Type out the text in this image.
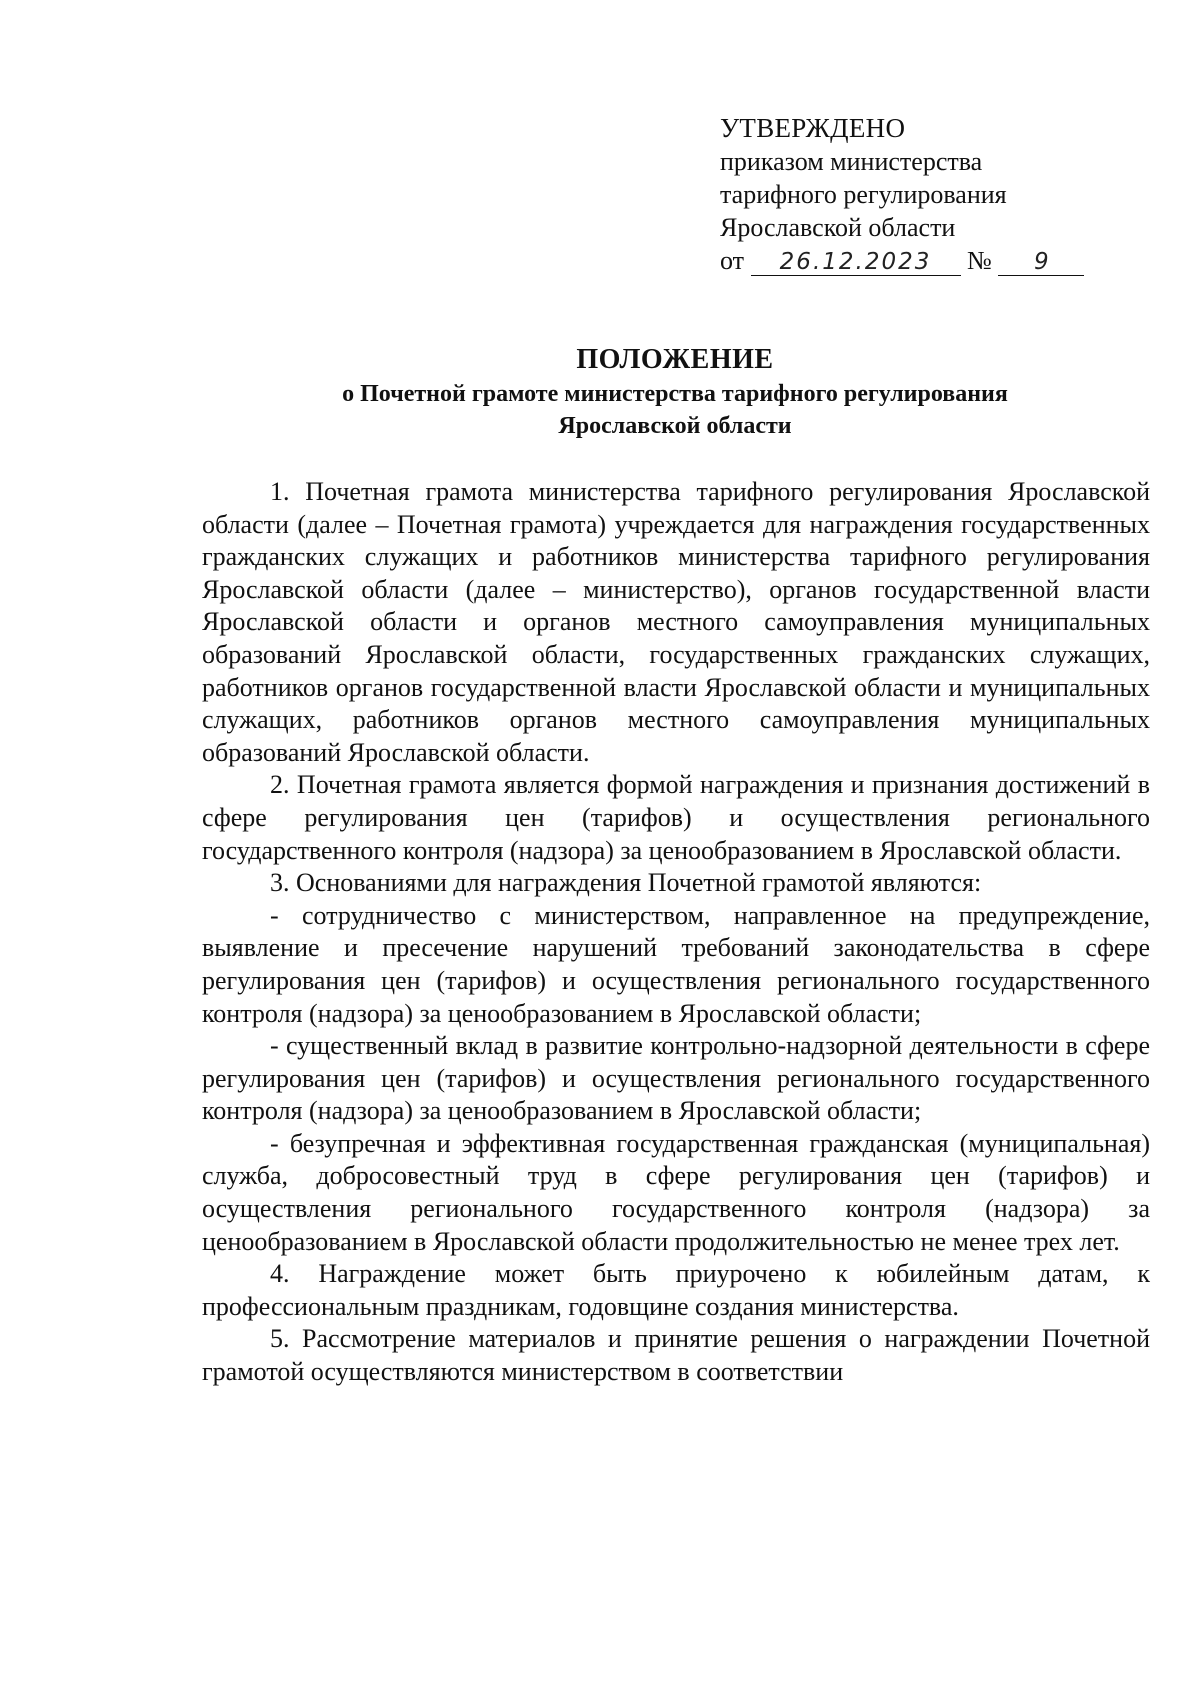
УТВЕРЖДЕНО
приказом министерства
тарифного регулирования
Ярославской области
от 26.12.2023 № 9
ПОЛОЖЕНИЕ
о Почетной грамоте министерства тарифного регулирования
Ярославской области

1. Почетная грамота министерства тарифного регулирования Ярославской области (далее – Почетная грамота) учреждается для награждения государственных гражданских служащих и работников министерства тарифного регулирования Ярославской области (далее – министерство), органов государственной власти Ярославской области и органов местного самоуправления муниципальных образований Ярославской области, государственных гражданских служащих, работников органов государственной власти Ярославской области и муниципальных служащих, работников органов местного самоуправления муниципальных образований Ярославской области.

2. Почетная грамота является формой награждения и признания достижений в сфере регулирования цен (тарифов) и осуществления регионального государственного контроля (надзора) за ценообразованием в Ярославской области.

3. Основаниями для награждения Почетной грамотой являются:

- сотрудничество с министерством, направленное на предупреждение, выявление и пресечение нарушений требований законодательства в сфере регулирования цен (тарифов) и осуществления регионального государственного контроля (надзора) за ценообразованием в Ярославской области;

- существенный вклад в развитие контрольно-надзорной деятельности в сфере регулирования цен (тарифов) и осуществления регионального государственного контроля (надзора) за ценообразованием в Ярославской области;

- безупречная и эффективная государственная гражданская (муниципальная) служба, добросовестный труд в сфере регулирования цен (тарифов) и осуществления регионального государственного контроля (надзора) за ценообразованием в Ярославской области продолжительностью не менее трех лет.

4. Награждение может быть приурочено к юбилейным датам, к профессиональным праздникам, годовщине создания министерства.

5. Рассмотрение материалов и принятие решения о награждении Почетной грамотой осуществляются министерством в соответствии
